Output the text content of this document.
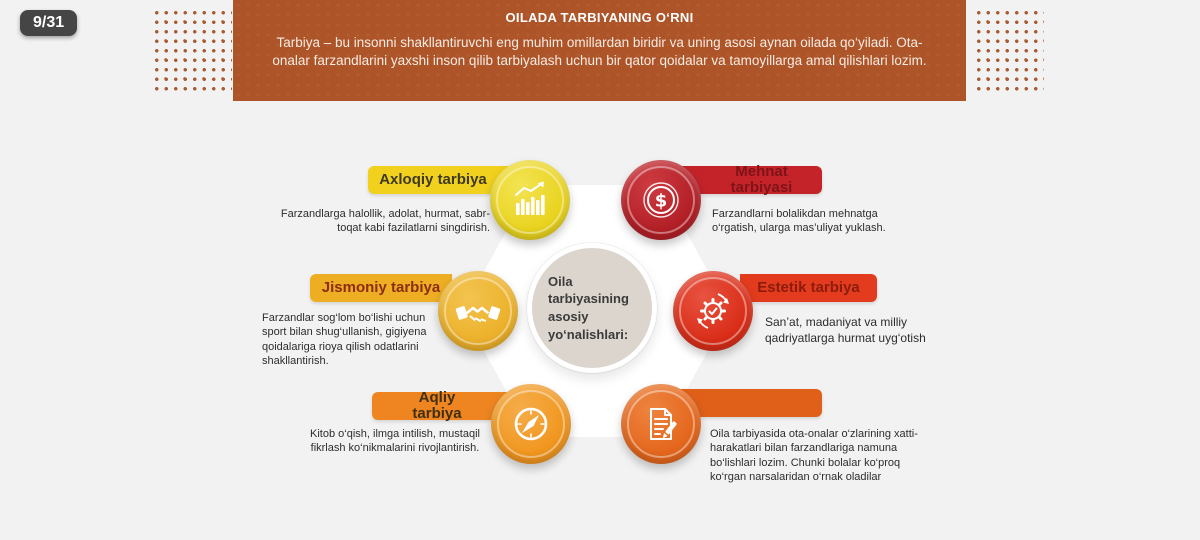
9/31	OILADA TARBIYANING O‘RNI

Tarbiya – bu insonni shakllantiruvchi eng muhim omillardan biridir va uning asosi aynan oilada qo‘yiladi. Ota-onalar farzandlarini yaxshi inson qilib tarbiyalash uchun bir qator qoidalar va tamoyillarga amal qilishlari lozim.

Oila tarbiyasining asosiy yo‘nalishlari:
Axloqiy tarbiya
Farzandlarga halollik, adolat, hurmat, sabr-toqat kabi fazilatlarni singdirish.
Mehnat tarbiyasi
$
Farzandlarni bolalikdan mehnatga o‘rgatish, ularga mas’uliyat yuklash.
Jismoniy tarbiya
Farzandlar sog‘lom bo‘lishi uchun sport bilan shug‘ullanish, gigiyena qoidalariga rioya qilish odatlarini shakllantirish.
Estetik tarbiya
San’at, madaniyat va milliy qadriyatlarga hurmat uyg‘otish
Aqliy tarbiya
Kitob o‘qish, ilmga intilish, mustaqil fikrlash ko‘nikmalarini rivojlantirish.
Oila tarbiyasida ota-onalar o‘zlarining xatti-harakatlari bilan farzandlariga namuna bo‘lishlari lozim. Chunki bolalar ko‘proq ko‘rgan narsalaridan o‘rnak oladilar
